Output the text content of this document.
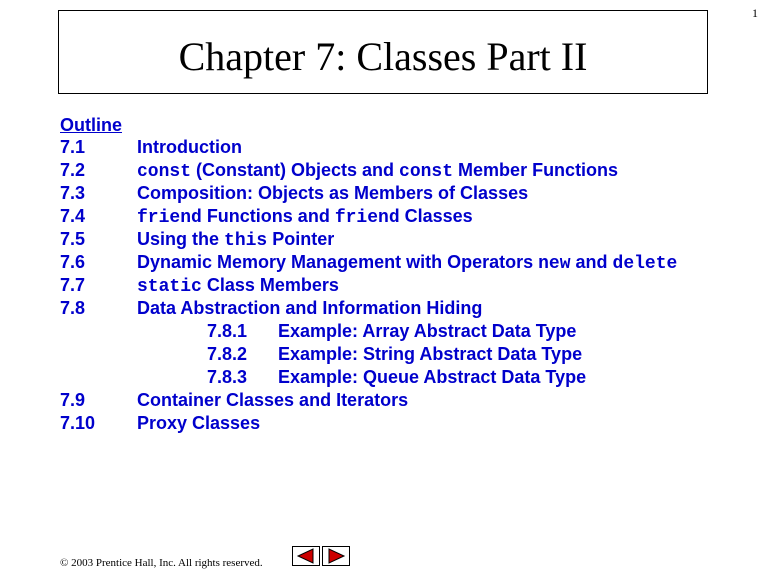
1
Chapter 7: Classes Part II
Outline
7.1	Introduction
7.2	const (Constant) Objects and const Member Functions
7.3	Composition: Objects as Members of Classes
7.4	friend Functions and friend Classes
7.5	Using the this Pointer
7.6	Dynamic Memory Management with Operators new and delete
7.7	static Class Members
7.8	Data Abstraction and Information Hiding
7.8.1 Example: Array Abstract Data Type
7.8.2 Example: String Abstract Data Type
7.8.3 Example: Queue Abstract Data Type
7.9	Container Classes and Iterators
7.10 Proxy Classes
© 2003 Prentice Hall, Inc. All rights reserved.
